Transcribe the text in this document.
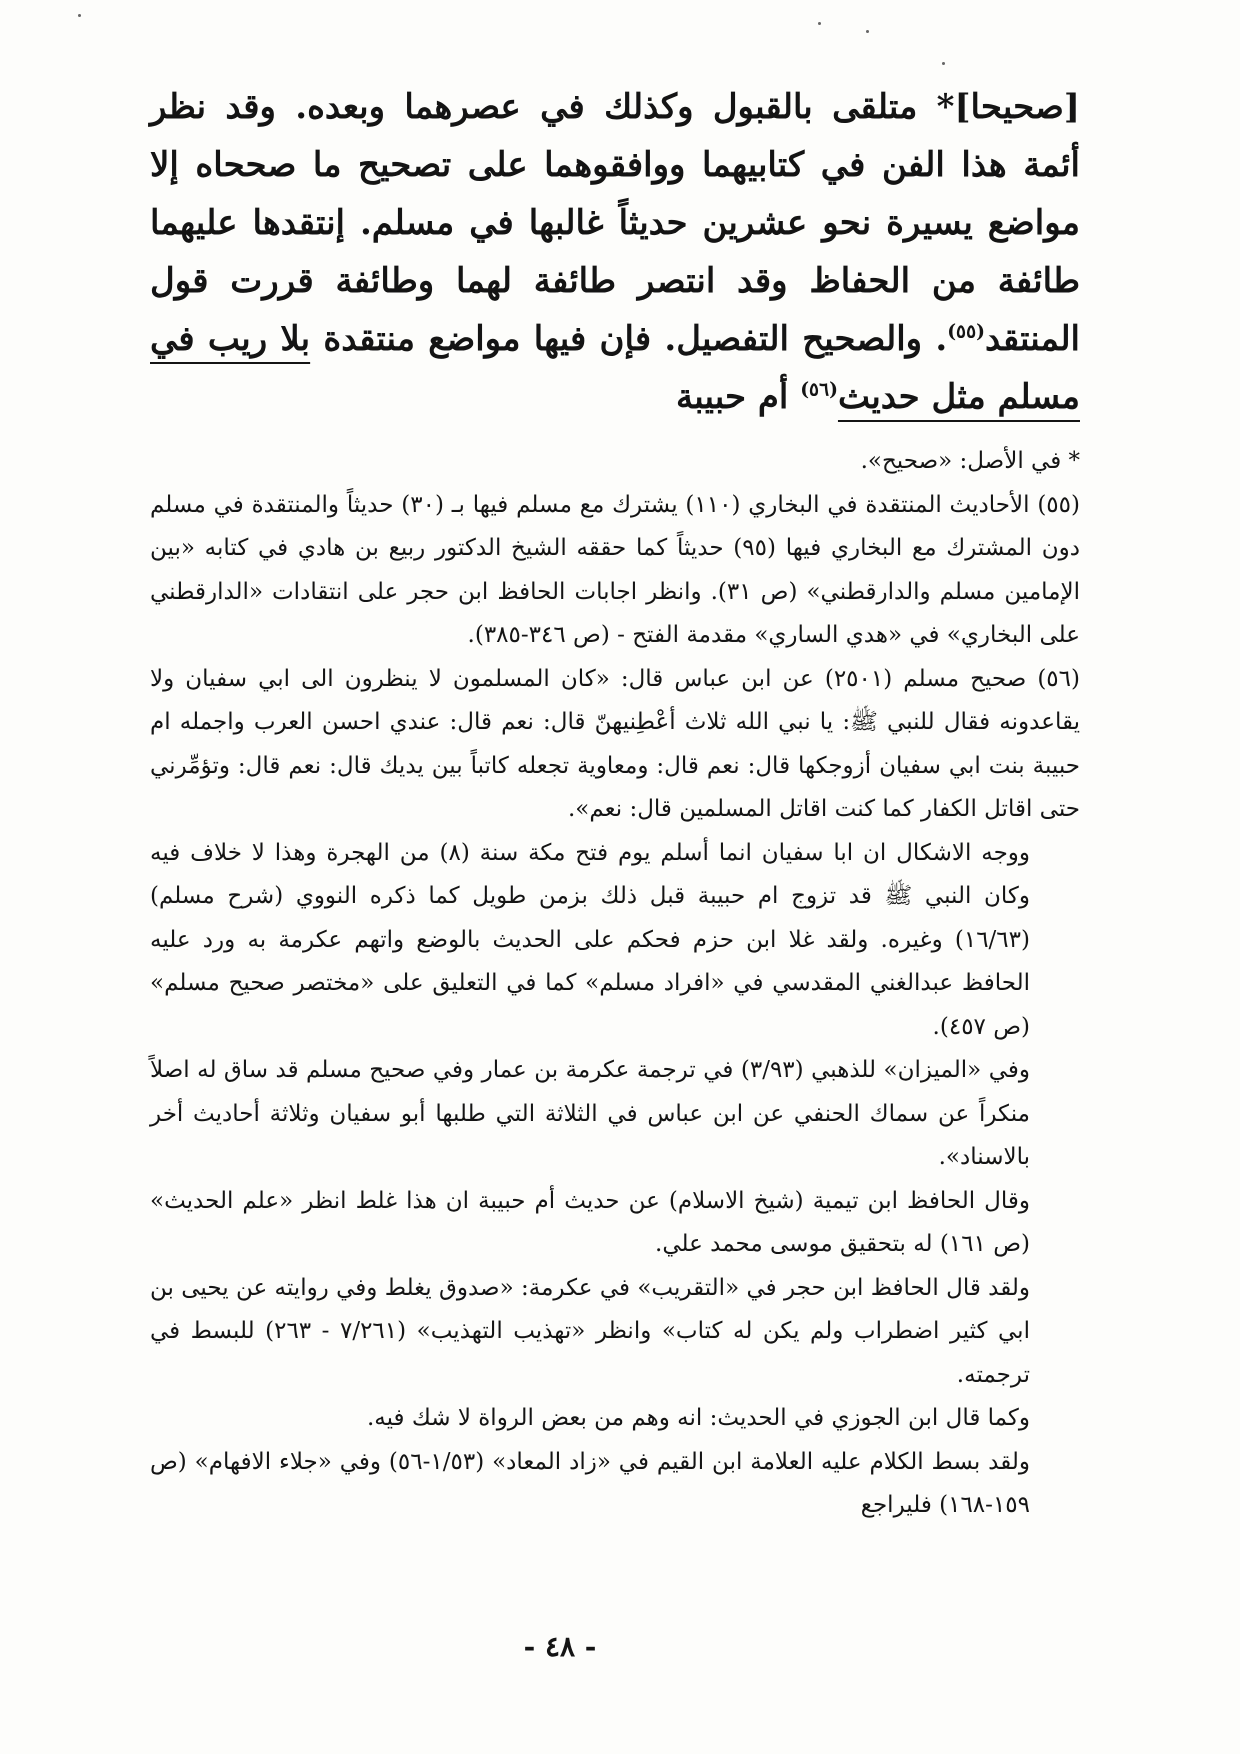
[صحيحا]* متلقى بالقبول وكذلك في عصرهما وبعده. وقد نظر أئمة هذا الفن في كتابيهما ووافقوهما على تصحيح ما صححاه إلا مواضع يسيرة نحو عشرين حديثاً غالبها في مسلم. إنتقدها عليهما طائفة من الحفاظ وقد انتصر طائفة لهما وطائفة قررت قول المنتقد$^{(٥٥)}$. والصحيح التفصيل. فإن فيها مواضع منتقدة بلا ريب في مسلم مثل حديث$^{(٥٦)}$ أم حبيبة

* في الأصل: «صحيح».

(٥٥) الأحاديث المنتقدة في البخاري (١١٠) يشترك مع مسلم فيها بـ (٣٠) حديثاً والمنتقدة في مسلم دون المشترك مع البخاري فيها (٩٥) حديثاً كما حققه الشيخ الدكتور ربيع بن هادي في كتابه «بين الإمامين مسلم والدارقطني» (ص ٣١). وانظر اجابات الحافظ ابن حجر على انتقادات «الدارقطني على البخاري» في «هدي الساري» مقدمة الفتح - (ص ٣٤٦-٣٨٥).

(٥٦) صحيح مسلم (٢٥٠١) عن ابن عباس قال: «كان المسلمون لا ينظرون الى ابي سفيان ولا يقاعدونه فقال للنبي ﷺ: يا نبي الله ثلاث أعْطِنيهنّ قال: نعم قال: عندي احسن العرب واجمله ام حبيبة بنت ابي سفيان أزوجكها قال: نعم قال: ومعاوية تجعله كاتباً بين يديك قال: نعم قال: وتؤمِّرني حتى اقاتل الكفار كما كنت اقاتل المسلمين قال: نعم».

ووجه الاشكال ان ابا سفيان انما أسلم يوم فتح مكة سنة (٨) من الهجرة وهذا لا خلاف فيه وكان النبي ﷺ قد تزوج ام حبيبة قبل ذلك بزمن طويل كما ذكره النووي (شرح مسلم) (١٦/٦٣) وغيره. ولقد غلا ابن حزم فحكم على الحديث بالوضع واتهم عكرمة به ورد عليه الحافظ عبدالغني المقدسي في «افراد مسلم» كما في التعليق على «مختصر صحيح مسلم» (ص ٤٥٧).

وفي «الميزان» للذهبي (٣/٩٣) في ترجمة عكرمة بن عمار وفي صحيح مسلم قد ساق له اصلاً منكراً عن سماك الحنفي عن ابن عباس في الثلاثة التي طلبها أبو سفيان وثلاثة أحاديث أخر بالاسناد».

وقال الحافظ ابن تيمية (شيخ الاسلام) عن حديث أم حبيبة ان هذا غلط انظر «علم الحديث» (ص ١٦١) له بتحقيق موسى محمد علي.

ولقد قال الحافظ ابن حجر في «التقريب» في عكرمة: «صدوق يغلط وفي روايته عن يحيى بن ابي كثير اضطراب ولم يكن له كتاب» وانظر «تهذيب التهذيب» (٧/٢٦١ - ٢٦٣) للبسط في ترجمته.

وكما قال ابن الجوزي في الحديث: انه وهم من بعض الرواة لا شك فيه.

ولقد بسط الكلام عليه العلامة ابن القيم في «زاد المعاد» (١/٥٣-٥٦) وفي «جلاء الافهام» (ص ١٥٩-١٦٨) فليراجع

- ٤٨ -
